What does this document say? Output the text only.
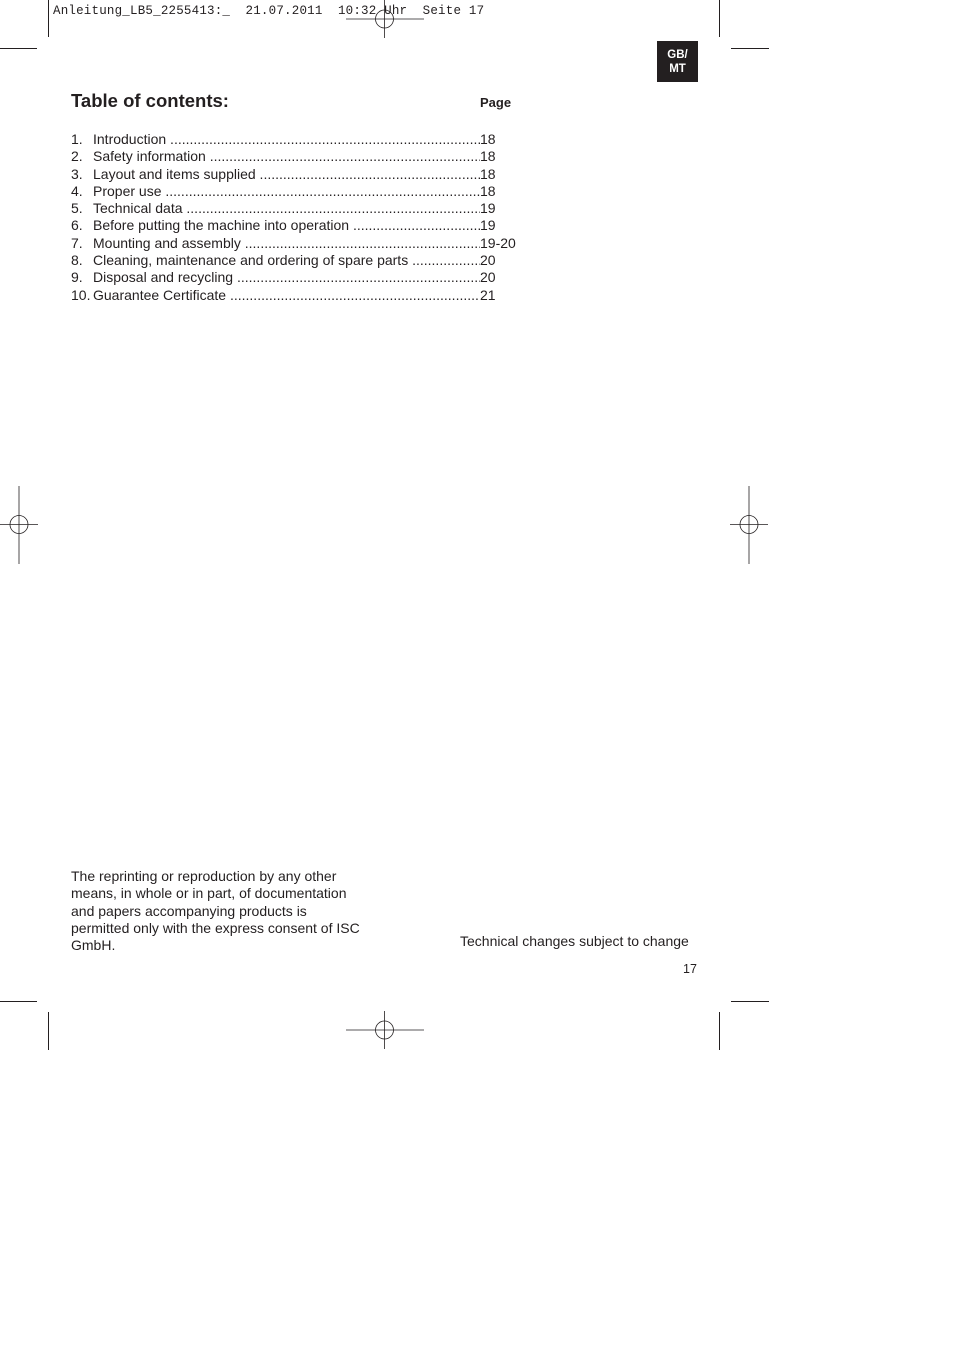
Anleitung_LB5_2255413:_  21.07.2011  10:32 Uhr  Seite 17
GB/
MT
Table of contents:	Page
1. Introduction .....	18
2. Safety information .....	18
3. Layout and items supplied .....	18
4. Proper use .....	18
5. Technical data .....	19
6. Before putting the machine into operation .....	19
7. Mounting and assembly .....	19-20
8. Cleaning, maintenance and ordering of spare parts .....	20
9. Disposal and recycling .....	20
10. Guarantee Certificate .....	21

The reprinting or reproduction by any other

means, in whole or in part, of documentation

and papers accompanying products is

permitted only with the express consent of ISC

GmbH.	Technical changes subject to change
17
